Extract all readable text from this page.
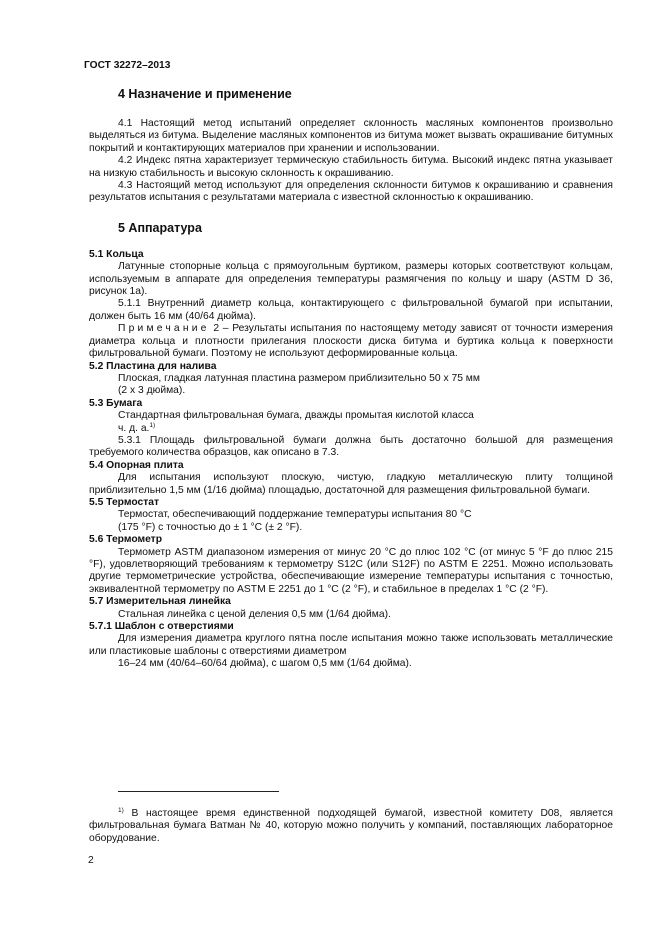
ГОСТ 32272–2013
4 Назначение и применение

4.1 Настоящий метод испытаний определяет склонность масляных компонентов произвольно выделяться из битума. Выделение масляных компонентов из битума может вызвать окрашивание битумных покрытий и контактирующих материалов при хранении и использовании.

4.2 Индекс пятна характеризует термическую стабильность битума. Высокий индекс пятна указывает на низкую стабильность и высокую склонность к окрашиванию.

4.3 Настоящий метод используют для определения склонности битумов к окрашиванию и сравнения результатов испытания с результатами материала с известной склонностью к окрашиванию.

5 Аппаратура

5.1 Кольца

Латунные стопорные кольца с прямоугольным буртиком, размеры которых соответствуют кольцам, используемым в аппарате для определения температуры размягчения по кольцу и шару (ASTM D 36, рисунок 1а).

5.1.1 Внутренний диаметр кольца, контактирующего с фильтровальной бумагой при испытании, должен быть 16 мм (40/64 дюйма).

Примечание 2 – Результаты испытания по настоящему методу зависят от точности измерения диаметра кольца и плотности прилегания плоскости диска битума и буртика кольца к поверхности фильтровальной бумаги. Поэтому не используют деформированные кольца.

5.2 Пластина для налива

Плоская, гладкая латунная пластина размером приблизительно 50 х 75 мм

(2 х 3 дюйма).

5.3 Бумага

Стандартная фильтровальная бумага, дважды промытая кислотой класса

ч. д. а.$^{1)}$

5.3.1 Площадь фильтровальной бумаги должна быть достаточно большой для размещения требуемого количества образцов, как описано в 7.3.

5.4 Опорная плита

Для испытания используют плоскую, чистую, гладкую металлическую плиту толщиной приблизительно 1,5 мм (1/16 дюйма) площадью, достаточной для размещения фильтровальной бумаги.

5.5 Термостат

Термостат, обеспечивающий поддержание температуры испытания 80 °С

(175 °F) с точностью до ± 1 °С (± 2 °F).

5.6 Термометр

Термометр ASTM диапазоном измерения от минус 20 °С до плюс 102 °С (от минус 5 °F до плюс 215 °F), удовлетворяющий требованиям к термометру S12C (или S12F) по ASTM E 2251. Можно использовать другие термометрические устройства, обеспечивающие измерение температуры испытания с точностью, эквивалентной термометру по ASTM E 2251 до 1 °С (2 °F), и стабильное в пределах 1 °С (2 °F).

5.7 Измерительная линейка

Стальная линейка с ценой деления 0,5 мм (1/64 дюйма).

5.7.1 Шаблон с отверстиями

Для измерения диаметра круглого пятна после испытания можно также использовать металлические или пластиковые шаблоны с отверстиями диаметром

16–24 мм (40/64–60/64 дюйма), с шагом 0,5 мм (1/64 дюйма).

$^{1)}$ В настоящее время единственной подходящей бумагой, известной комитету D08, является фильтровальная бумага Ватман № 40, которую можно получить у компаний, поставляющих лабораторное оборудование.

2
